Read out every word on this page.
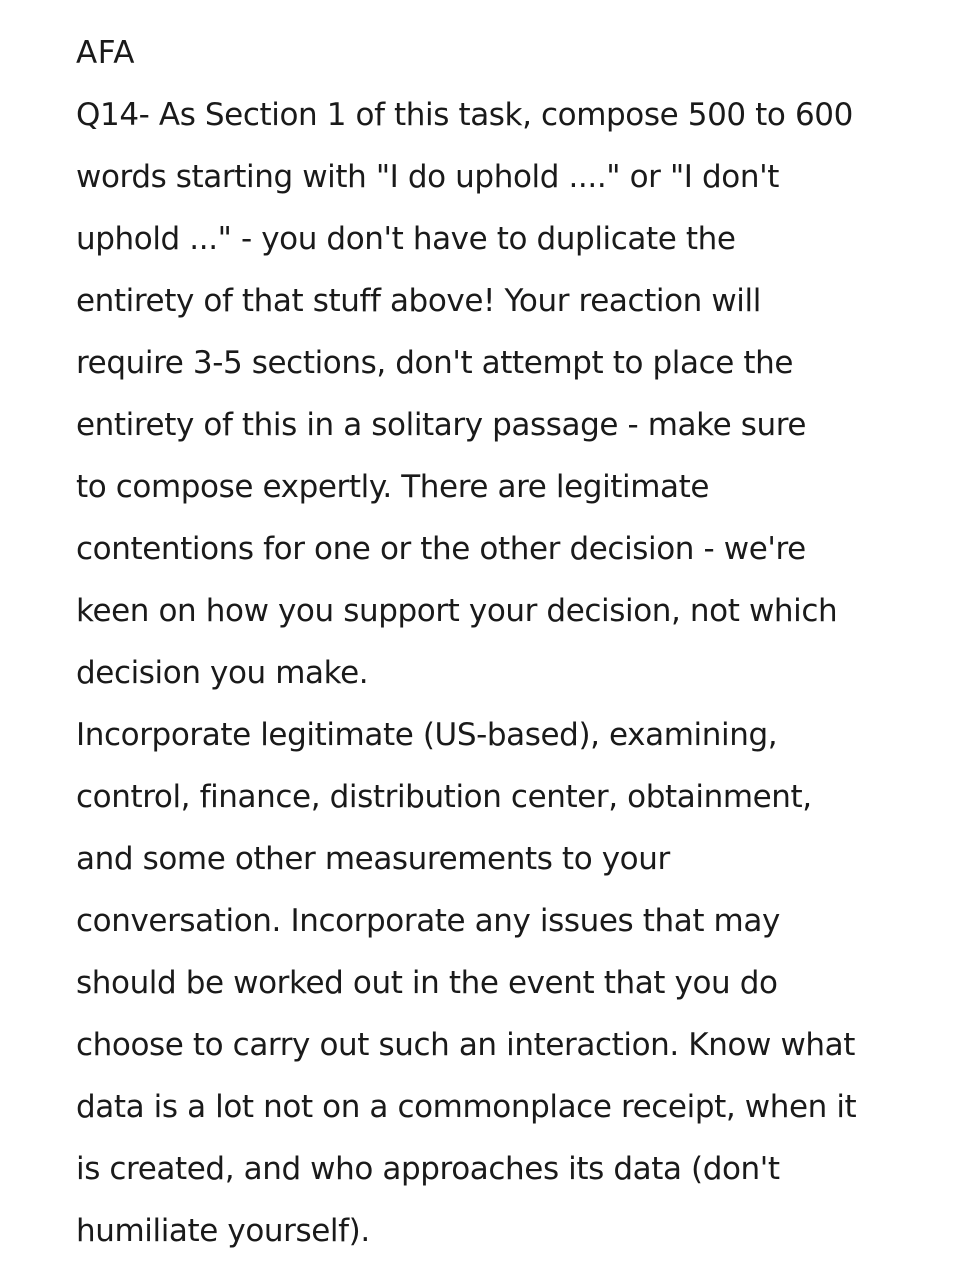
AFA
Q14- As Section 1 of this task, compose 500 to 600
words starting with "I do uphold ...." or "I don't
uphold ..." - you don't have to duplicate the
entirety of that stuff above! Your reaction will
require 3-5 sections, don't attempt to place the
entirety of this in a solitary passage - make sure
to compose expertly. There are legitimate
contentions for one or the other decision - we're
keen on how you support your decision, not which
decision you make.
Incorporate legitimate (US-based), examining,
control, finance, distribution center, obtainment,
and some other measurements to your
conversation. Incorporate any issues that may
should be worked out in the event that you do
choose to carry out such an interaction. Know what
data is a lot not on a commonplace receipt, when it
is created, and who approaches its data (don't
humiliate yourself).
